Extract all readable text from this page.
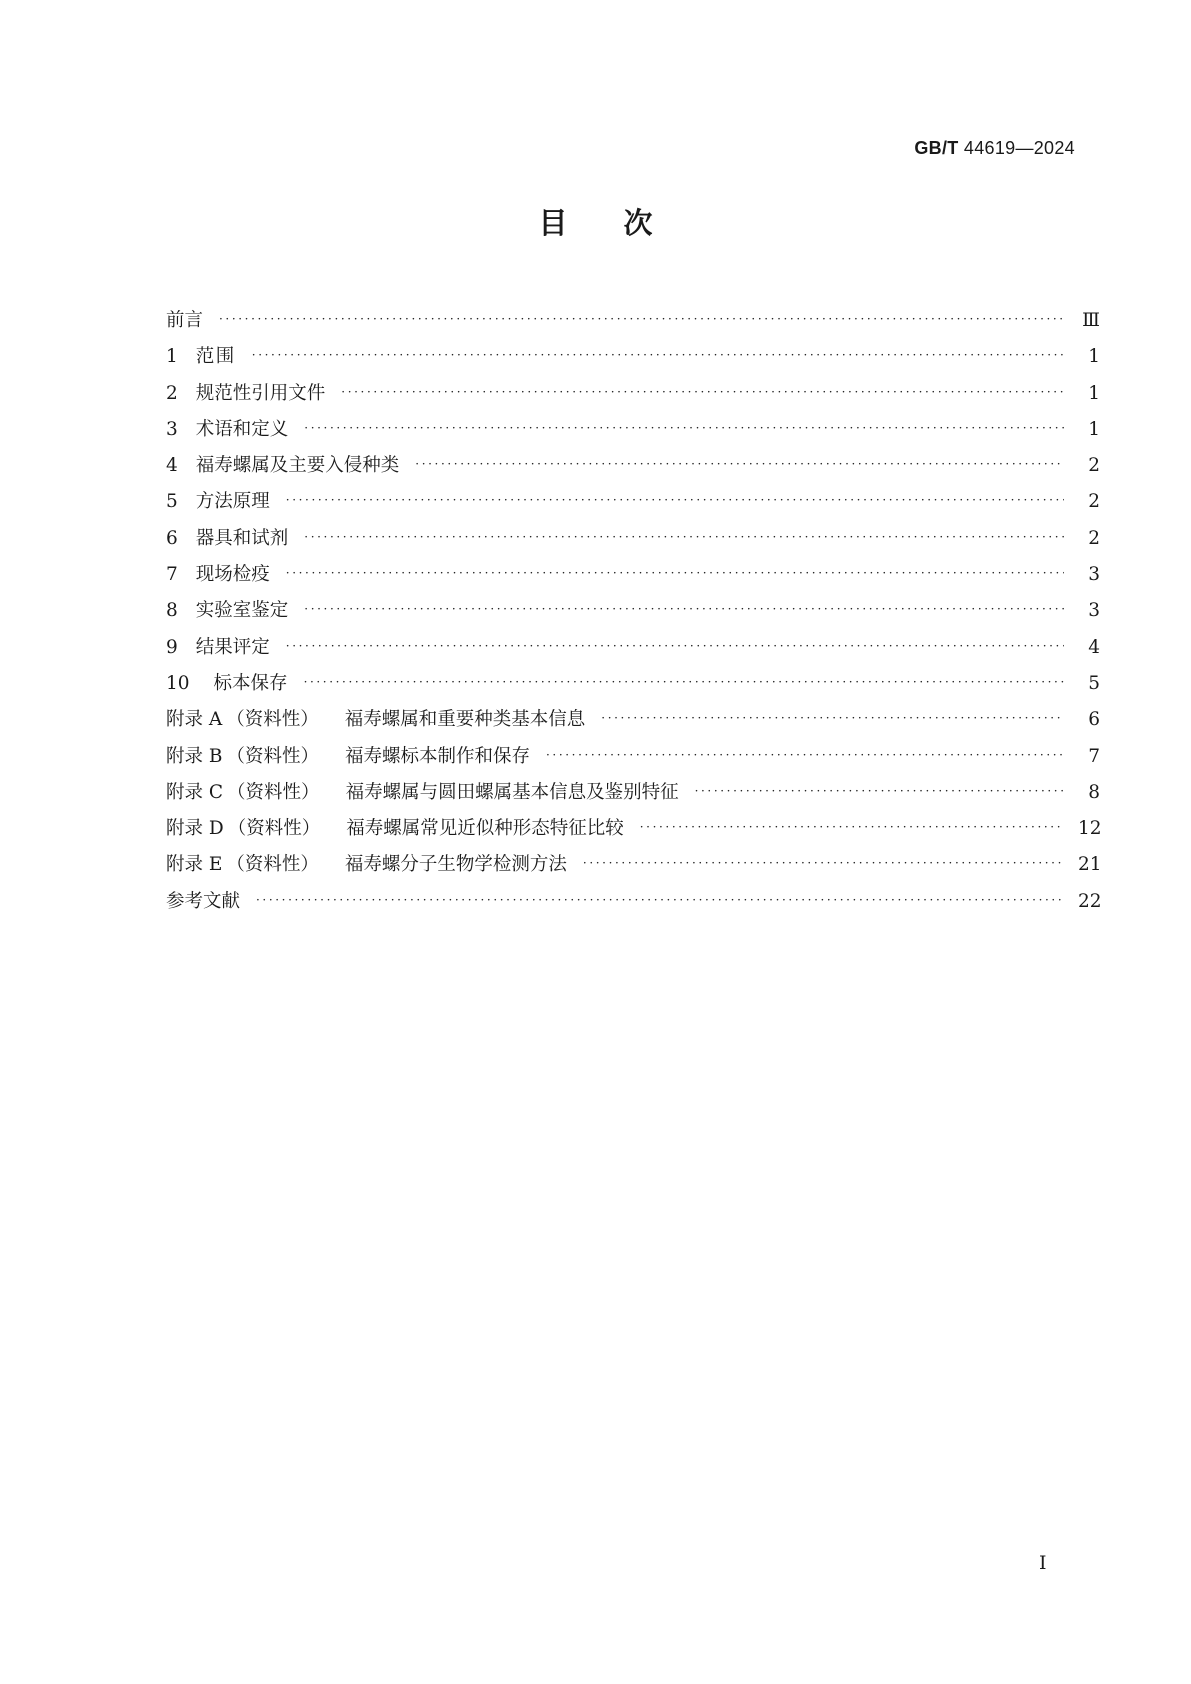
GB/T 44619—2024
目次
前言 ·····	Ⅲ
1 范围 ·····	1
2 规范性引用文件 ·····	1
3 术语和定义 ·····	1
4 福寿螺属及主要入侵种类 ·····	2
5 方法原理 ·····	2
6 器具和试剂 ·····	2
7 现场检疫 ·····	3
8 实验室鉴定 ·····	3
9 结果评定 ·····	4
10 标本保存 ·····	5
附录 A （资料性） 福寿螺属和重要种类基本信息 ·····	6
附录 B （资料性） 福寿螺标本制作和保存 ·····	7
附录 C （资料性） 福寿螺属与圆田螺属基本信息及鉴别特征 ·····	8
附录 D （资料性） 福寿螺属常见近似种形态特征比较 ·····	12
附录 E （资料性） 福寿螺分子生物学检测方法 ·····	21
参考文献 ·····	22
Ⅰ
